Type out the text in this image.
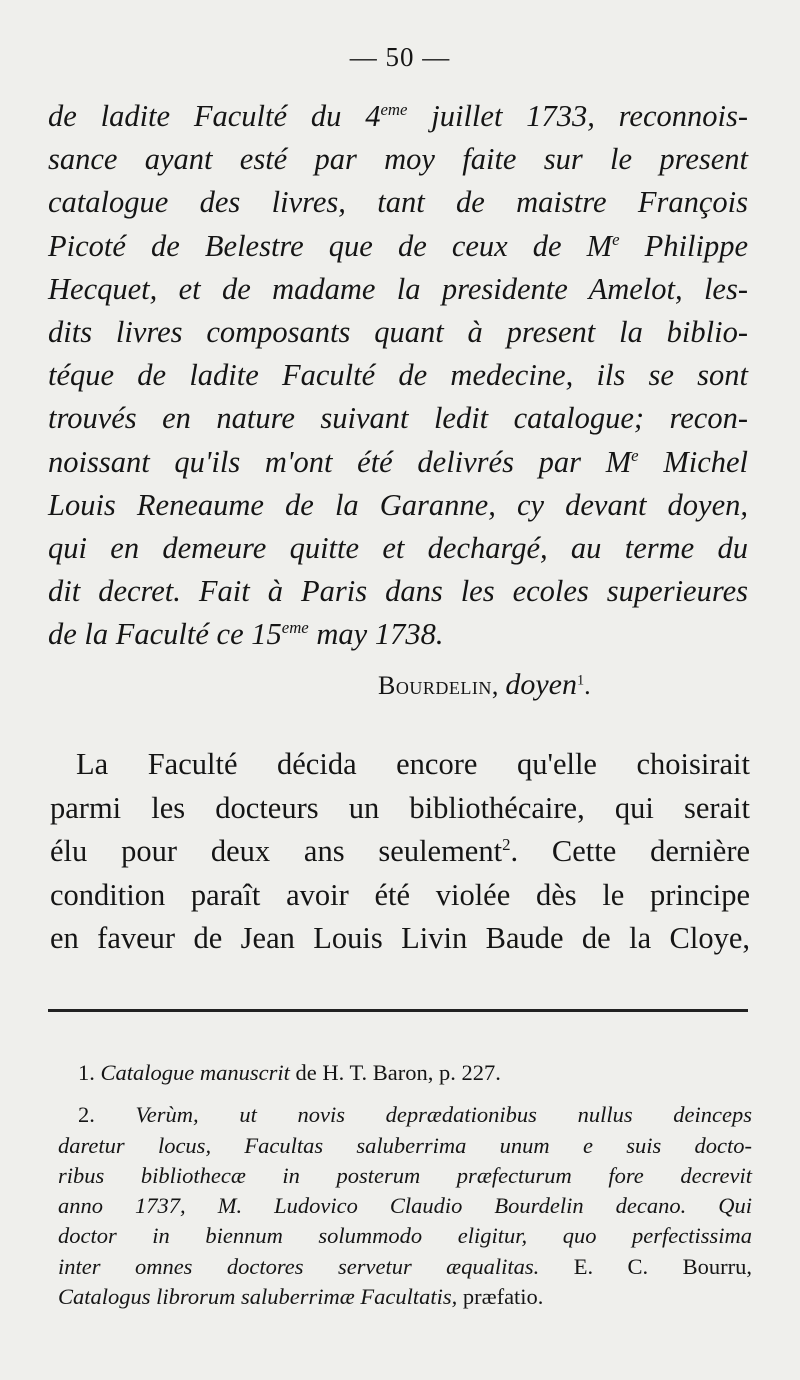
— 50 —
de ladite Faculté du 4eme juillet 1733, reconnois-
sance ayant esté par moy faite sur le present
catalogue des livres, tant de maistre François
Picoté de Belestre que de ceux de Me Philippe
Hecquet, et de madame la presidente Amelot, les-
dits livres composants quant à present la biblio-
téque de ladite Faculté de medecine, ils se sont
trouvés en nature suivant ledit catalogue; recon-
noissant qu'ils m'ont été delivrés par Me Michel
Louis Reneaume de la Garanne, cy devant doyen,
qui en demeure quitte et dechargé, au terme du
dit decret. Fait à Paris dans les ecoles superieures
de la Faculté ce 15eme may 1738.
Bourdelin, doyen$^1$.
La Faculté décida encore qu'elle choisirait
parmi les docteurs un bibliothécaire, qui serait
élu pour deux ans seulement$^2$. Cette dernière
condition paraît avoir été violée dès le principe
en faveur de Jean Louis Livin Baude de la Cloye,
1. Catalogue manuscrit de H. T. Baron, p. 227.
2. Verùm, ut novis deprædationibus nullus deinceps
daretur locus, Facultas saluberrima unum e suis docto-
ribus bibliothecæ in posterum præfecturum fore decrevit
anno 1737, M. Ludovico Claudio Bourdelin decano. Qui
doctor in biennum solummodo eligitur, quo perfectissima
inter omnes doctores servetur æqualitas. E. C. Bourru,
Catalogus librorum saluberrimæ Facultatis, præfatio.
